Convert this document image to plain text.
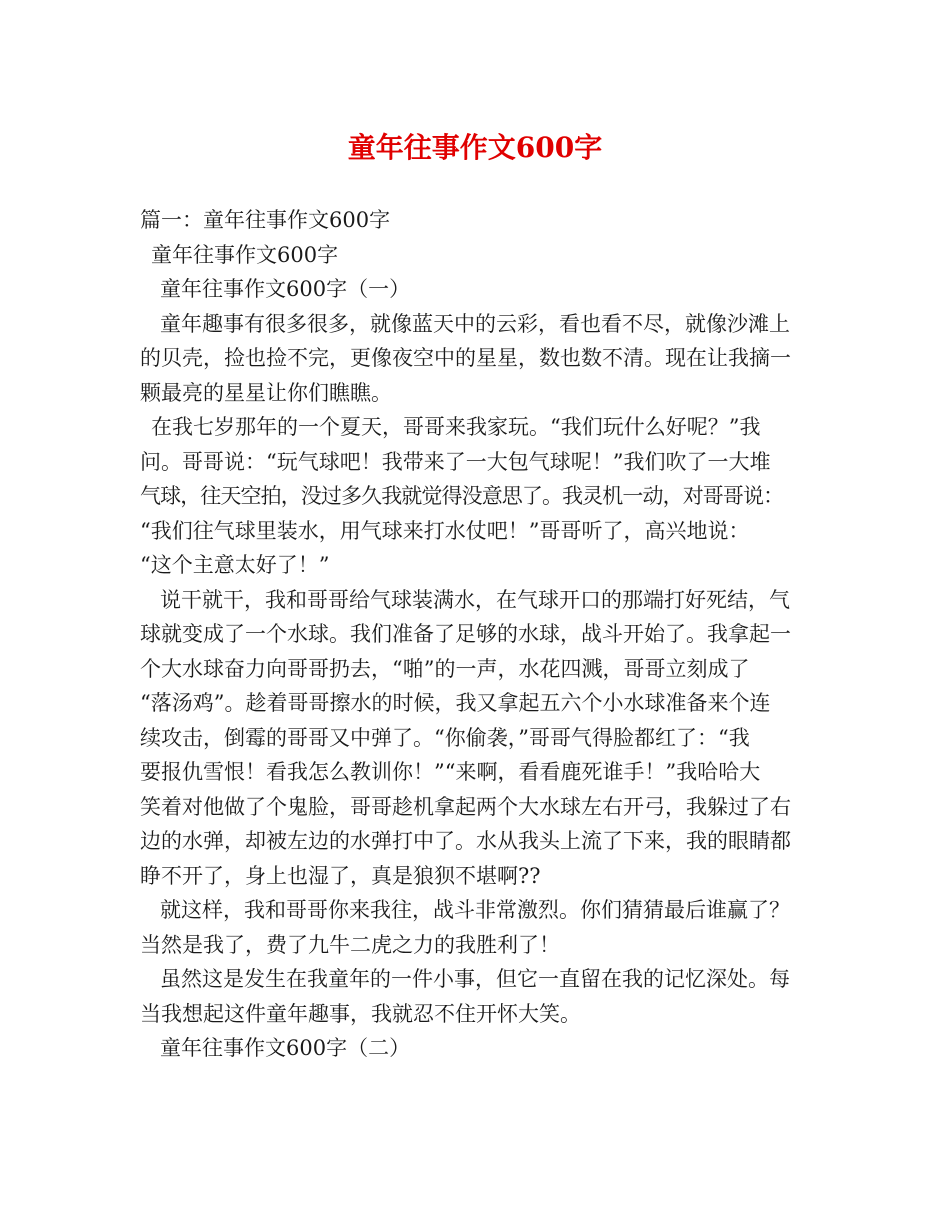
童年往事作文600字
篇一：童年往事作文600字
童年往事作文600字
童年往事作文600字（一）
童年趣事有很多很多，就像蓝天中的云彩，看也看不尽，就像沙滩上
的贝壳，捡也捡不完，更像夜空中的星星，数也数不清。现在让我摘一
颗最亮的星星让你们瞧瞧。
在我七岁那年的一个夏天，哥哥来我家玩。“我们玩什么好呢？”我
问。哥哥说：“玩气球吧！我带来了一大包气球呢！”我们吹了一大堆
气球，往天空拍，没过多久我就觉得没意思了。我灵机一动，对哥哥说：
“我们往气球里装水，用气球来打水仗吧！”哥哥听了，高兴地说：
“这个主意太好了！”
说干就干，我和哥哥给气球装满水，在气球开口的那端打好死结，气
球就变成了一个水球。我们准备了足够的水球，战斗开始了。我拿起一
个大水球奋力向哥哥扔去，“啪”的一声，水花四溅，哥哥立刻成了
“落汤鸡”。趁着哥哥擦水的时候，我又拿起五六个小水球准备来个连
续攻击，倒霉的哥哥又中弹了。“你偷袭，”哥哥气得脸都红了：“我
要报仇雪恨！看我怎么教训你！”“来啊，看看鹿死谁手！”我哈哈大
笑着对他做了个鬼脸，哥哥趁机拿起两个大水球左右开弓，我躲过了右
边的水弹，却被左边的水弹打中了。水从我头上流了下来，我的眼睛都
睁不开了，身上也湿了，真是狼狈不堪啊??
就这样，我和哥哥你来我往，战斗非常激烈。你们猜猜最后谁赢了？
当然是我了，费了九牛二虎之力的我胜利了！
虽然这是发生在我童年的一件小事，但它一直留在我的记忆深处。每
当我想起这件童年趣事，我就忍不住开怀大笑。
童年往事作文600字（二）
